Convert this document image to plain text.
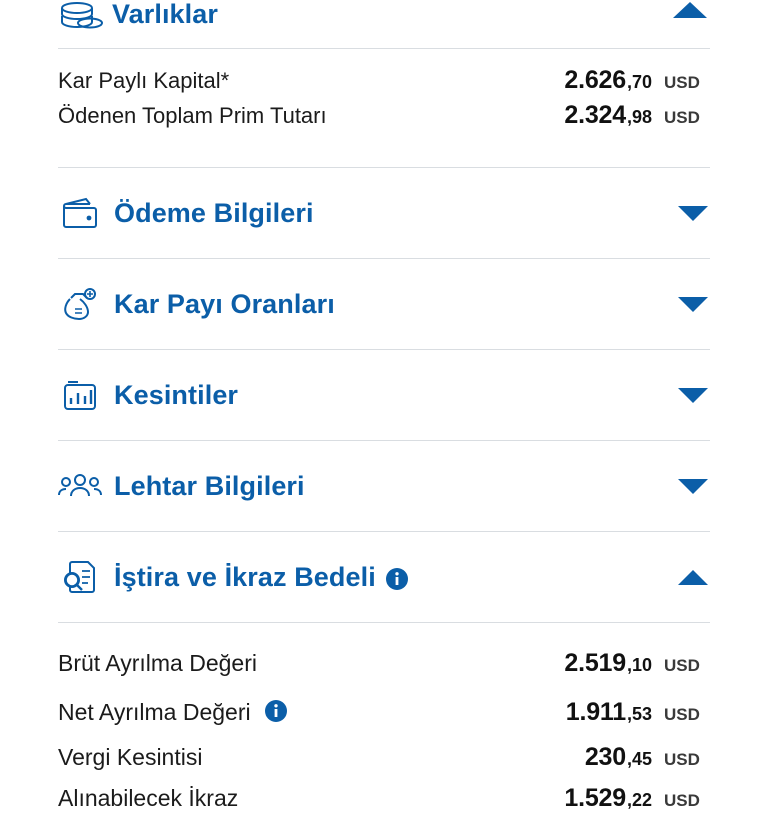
Varlıklar
Kar Paylı Kapital*	2.626 ,70 USD
Ödenen Toplam Prim Tutarı	2.324 ,98 USD
Ödeme Bilgileri
Kar Payı Oranları
Kesintiler
Lehtar Bilgileri
İştira ve İkraz Bedeli
Brüt Ayrılma Değeri	2.519 ,10 USD
Net Ayrılma Değeri	1.911 ,53 USD
Vergi Kesintisi	230 ,45 USD
Alınabilecek İkraz	1.529 ,22 USD
